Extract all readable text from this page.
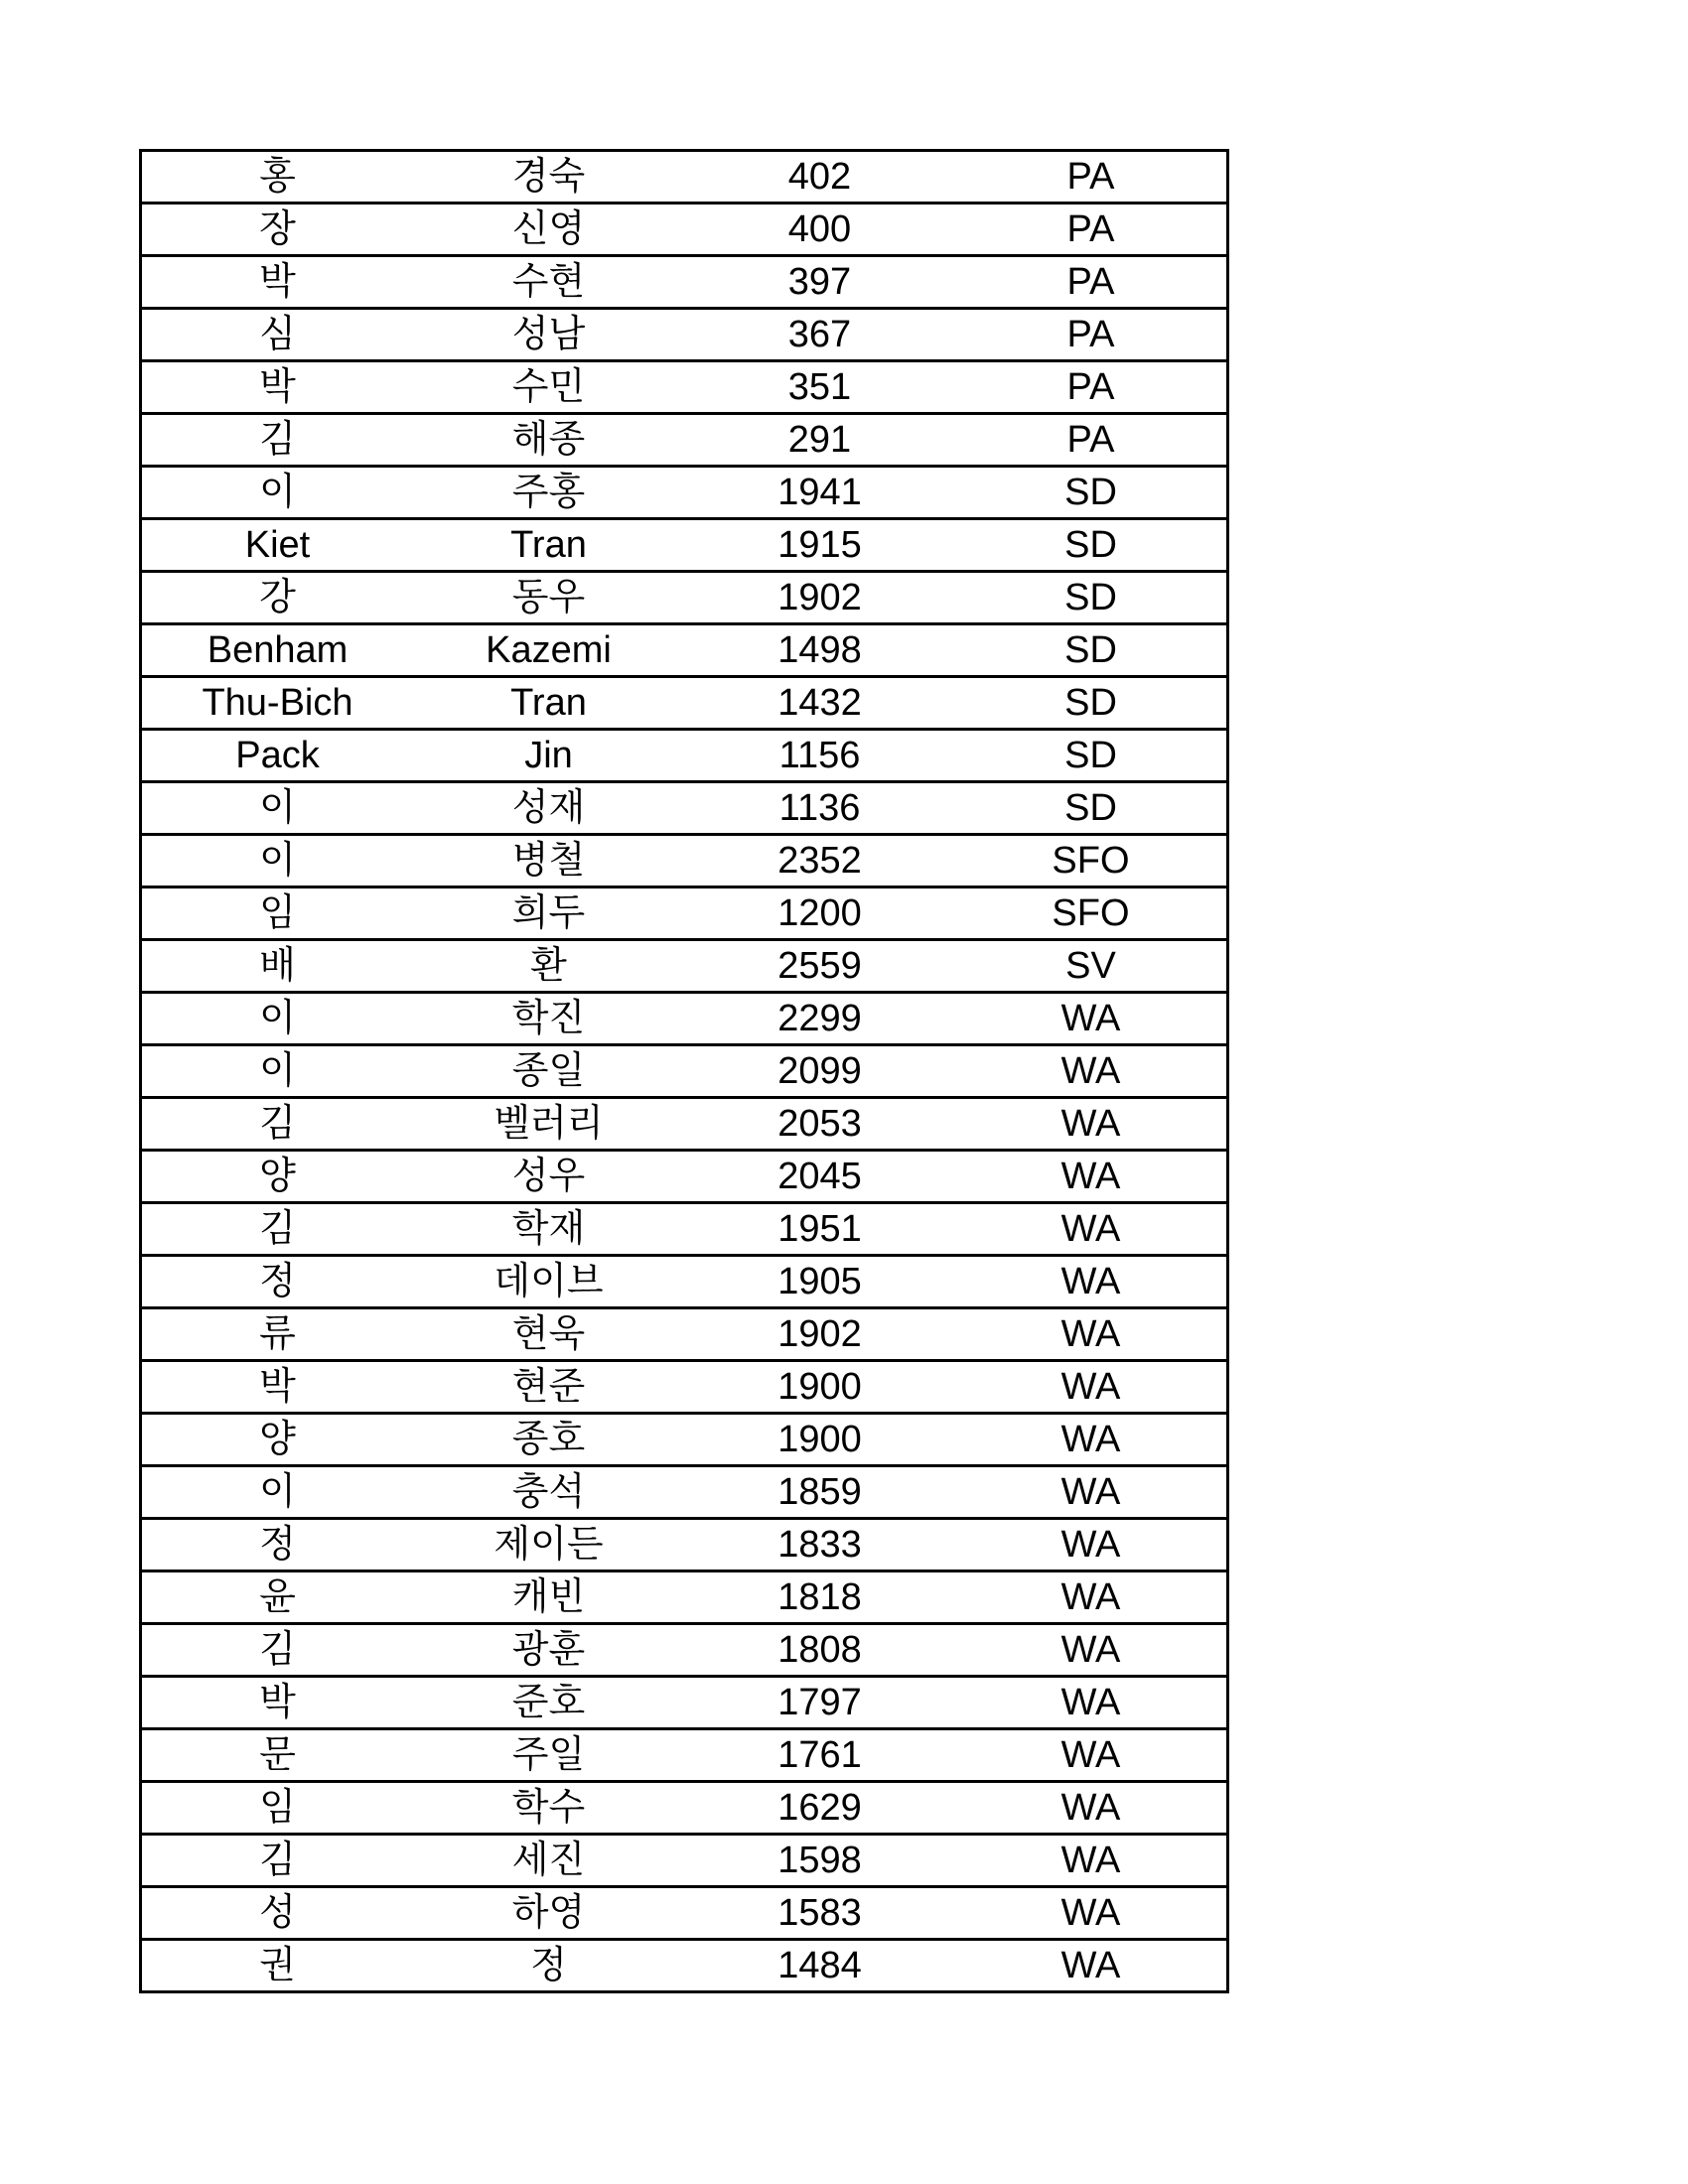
홍	경숙	402	PA
장	신영	400	PA
박	수현	397	PA
심	성남	367	PA
박	수민	351	PA
김	해종	291	PA
이	주홍	1941	SD
Kiet	Tran	1915	SD
강	동우	1902	SD
Benham	Kazemi	1498	SD
Thu-Bich	Tran	1432	SD
Pack	Jin	1156	SD
이	성재	1136	SD
이	병철	2352	SFO
임	희두	1200	SFO
배	환	2559	SV
이	학진	2299	WA
이	종일	2099	WA
김	벨러리	2053	WA
양	성우	2045	WA
김	학재	1951	WA
정	데이브	1905	WA
류	현욱	1902	WA
박	현준	1900	WA
양	종호	1900	WA
이	충석	1859	WA
정	제이든	1833	WA
윤	캐빈	1818	WA
김	광훈	1808	WA
박	준호	1797	WA
문	주일	1761	WA
임	학수	1629	WA
김	세진	1598	WA
성	하영	1583	WA
권	정	1484	WA
